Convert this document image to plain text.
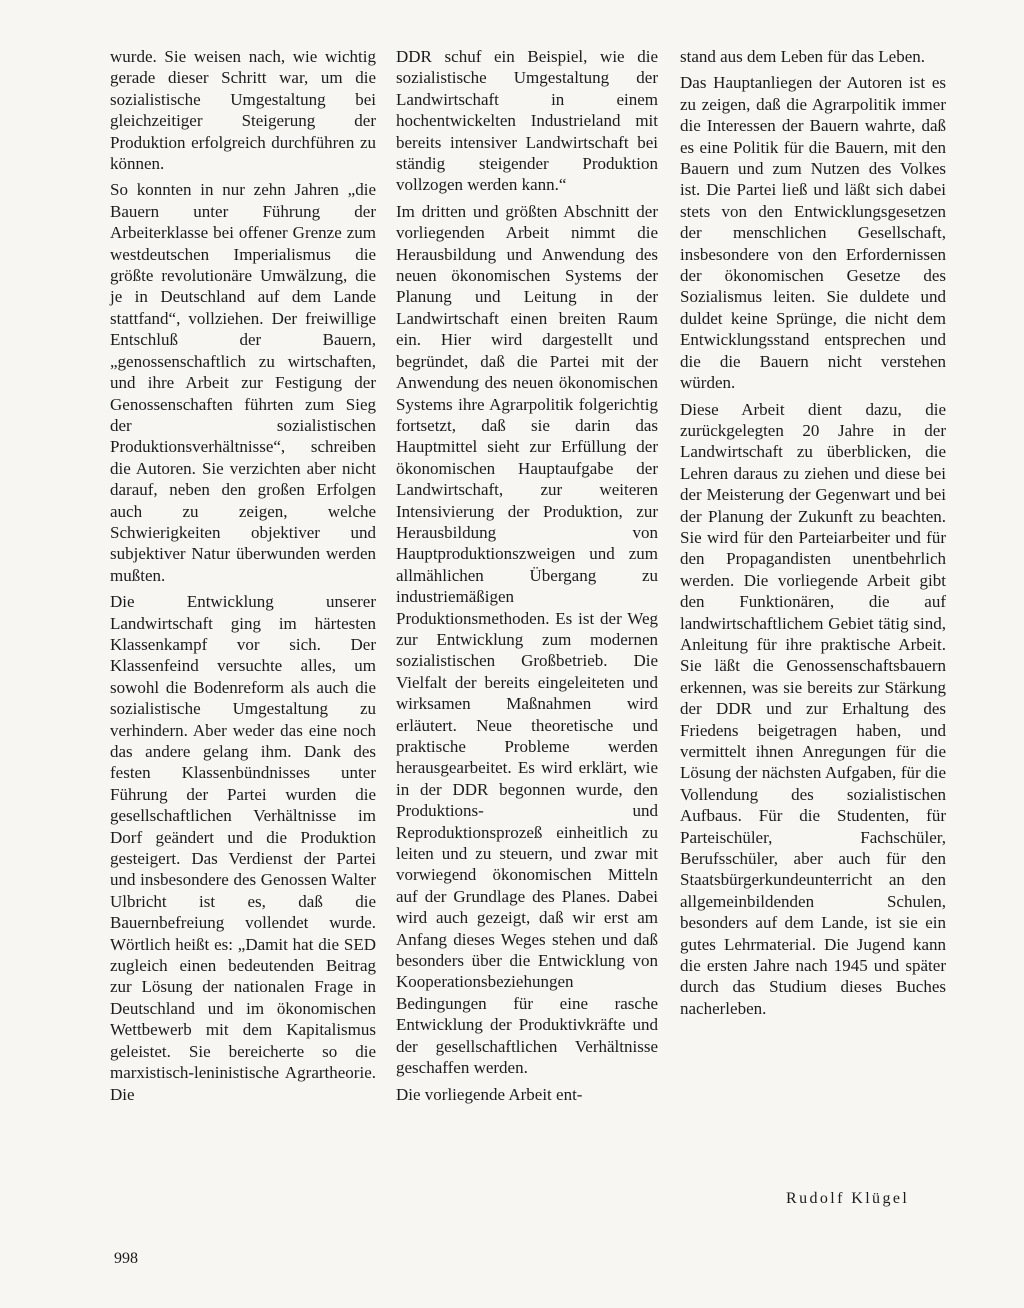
wurde. Sie weisen nach, wie wichtig gerade dieser Schritt war, um die sozialistische Umgestaltung bei gleichzeitiger Steigerung der Produktion erfolgreich durchführen zu können.

So konnten in nur zehn Jahren „die Bauern unter Führung der Arbeiterklasse bei offener Grenze zum westdeutschen Imperialismus die größte revolutionäre Umwälzung, die je in Deutschland auf dem Lande stattfand“, vollziehen. Der freiwillige Entschluß der Bauern, „genossenschaftlich zu wirtschaften, und ihre Arbeit zur Festigung der Genossenschaften führten zum Sieg der sozialistischen Produktionsverhältnisse“, schreiben die Autoren. Sie verzichten aber nicht darauf, neben den großen Erfolgen auch zu zeigen, welche Schwierigkeiten objektiver und subjektiver Natur überwunden werden mußten.

Die Entwicklung unserer Landwirtschaft ging im härtesten Klassenkampf vor sich. Der Klassenfeind versuchte alles, um sowohl die Bodenreform als auch die sozialistische Umgestaltung zu verhindern. Aber weder das eine noch das andere gelang ihm. Dank des festen Klassenbündnisses unter Führung der Partei wurden die gesellschaftlichen Verhältnisse im Dorf geändert und die Produktion gesteigert. Das Verdienst der Partei und insbesondere des Genossen Walter Ulbricht ist es, daß die Bauernbefreiung vollendet wurde. Wörtlich heißt es: „Damit hat die SED zugleich einen bedeutenden Beitrag zur Lösung der nationalen Frage in Deutschland und im ökonomischen Wettbewerb mit dem Kapitalismus geleistet. Sie bereicherte so die marxistisch-leninistische Agrartheorie. Die

DDR schuf ein Beispiel, wie die sozialistische Umgestaltung der Landwirtschaft in einem hochentwickelten Industrieland mit bereits intensiver Landwirtschaft bei ständig steigender Produktion vollzogen werden kann.“

Im dritten und größten Abschnitt der vorliegenden Arbeit nimmt die Herausbildung und Anwendung des neuen ökonomischen Systems der Planung und Leitung in der Landwirtschaft einen breiten Raum ein. Hier wird dargestellt und begründet, daß die Partei mit der Anwendung des neuen ökonomischen Systems ihre Agrarpolitik folgerichtig fortsetzt, daß sie darin das Hauptmittel sieht zur Erfüllung der ökonomischen Hauptaufgabe der Landwirtschaft, zur weiteren Intensivierung der Produktion, zur Herausbildung von Hauptproduktionszweigen und zum allmählichen Übergang zu industriemäßigen Produktionsmethoden. Es ist der Weg zur Entwicklung zum modernen sozialistischen Großbetrieb. Die Vielfalt der bereits eingeleiteten und wirksamen Maßnahmen wird erläutert. Neue theoretische und praktische Probleme werden herausgearbeitet. Es wird erklärt, wie in der DDR begonnen wurde, den Produktions- und Reproduktionsprozeß einheitlich zu leiten und zu steuern, und zwar mit vorwiegend ökonomischen Mitteln auf der Grundlage des Planes. Dabei wird auch gezeigt, daß wir erst am Anfang dieses Weges stehen und daß besonders über die Entwicklung von Kooperationsbeziehungen Bedingungen für eine rasche Entwicklung der Produktivkräfte und der gesellschaftlichen Verhältnisse geschaffen werden.

Die vorliegende Arbeit ent-

stand aus dem Leben für das Leben.

Das Hauptanliegen der Autoren ist es zu zeigen, daß die Agrarpolitik immer die Interessen der Bauern wahrte, daß es eine Politik für die Bauern, mit den Bauern und zum Nutzen des Volkes ist. Die Partei ließ und läßt sich dabei stets von den Entwicklungsgesetzen der menschlichen Gesellschaft, insbesondere von den Erfordernissen der ökonomischen Gesetze des Sozialismus leiten. Sie duldete und duldet keine Sprünge, die nicht dem Entwicklungsstand entsprechen und die die Bauern nicht verstehen würden.

Diese Arbeit dient dazu, die zurückgelegten 20 Jahre in der Landwirtschaft zu überblicken, die Lehren daraus zu ziehen und diese bei der Meisterung der Gegenwart und bei der Planung der Zukunft zu beachten. Sie wird für den Parteiarbeiter und für den Propagandisten unentbehrlich werden. Die vorliegende Arbeit gibt den Funktionären, die auf landwirtschaftlichem Gebiet tätig sind, Anleitung für ihre praktische Arbeit. Sie läßt die Genossenschaftsbauern erkennen, was sie bereits zur Stärkung der DDR und zur Erhaltung des Friedens beigetragen haben, und vermittelt ihnen Anregungen für die Lösung der nächsten Aufgaben, für die Vollendung des sozialistischen Aufbaus. Für die Studenten, für Parteischüler, Fachschüler, Berufsschüler, aber auch für den Staatsbürgerkundeunterricht an den allgemeinbildenden Schulen, besonders auf dem Lande, ist sie ein gutes Lehrmaterial. Die Jugend kann die ersten Jahre nach 1945 und später durch das Studium dieses Buches nacherleben.

Rudolf Klügel
998
